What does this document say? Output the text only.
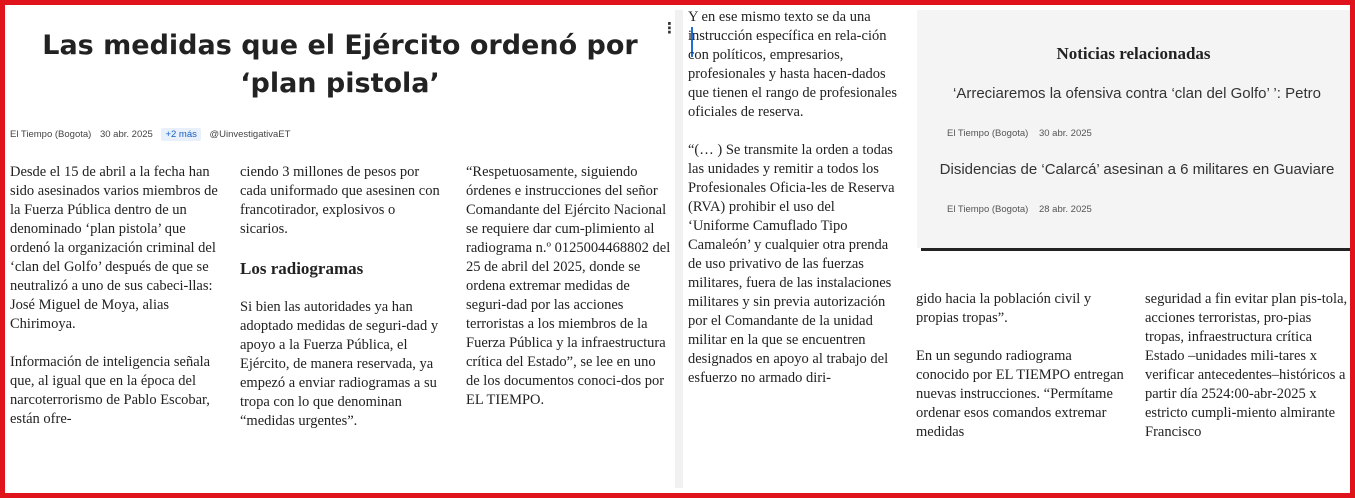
⋮
Las medidas que el Ejército ordenó por ‘plan pistola’
El Tiempo (Bogota) 30 abr. 2025 +2 más @UinvestigativaET

Desde el 15 de abril a la fecha han sido asesinados varios miembros de la Fuerza Pública dentro de un denominado ‘plan pistola’ que ordenó la organización criminal del ‘clan del Golfo’ después de que se neutralizó a uno de sus cabeci-llas: José Miguel de Moya, alias Chirimoya.

Información de inteligencia señala que, al igual que en la época del narcoterrorismo de Pablo Escobar, están ofre-

ciendo 3 millones de pesos por cada uniformado que asesinen con francotirador, explosivos o sicarios.

Los radiogramas

Si bien las autoridades ya han adoptado medidas de seguri-dad y apoyo a la Fuerza Pública, el Ejército, de manera reservada, ya empezó a enviar radiogramas a su tropa con lo que denominan “medidas urgentes”.

“Respetuosamente, siguiendo órdenes e instrucciones del señor Comandante del Ejército Nacional se requiere dar cum-plimiento al radiograma n.º 0125004468802 del 25 de abril del 2025, donde se ordena extremar medidas de seguri-dad por las acciones terroristas a los miembros de la Fuerza Pública y la infraestructura crítica del Estado”, se lee en uno de los documentos conoci-dos por EL TIEMPO.

Y en ese mismo texto se da una instrucción específica en rela-ción con políticos, empresarios, profesionales y hasta hacen-dados que tienen el rango de profesionales oficiales de reserva.

“(… ) Se transmite la orden a todas las unidades y remitir a todos los Profesionales Oficia-les de Reserva (RVA) prohibir el uso del ‘Uniforme Camuflado Tipo Camaleón’ y cualquier otra prenda de uso privativo de las fuerzas militares, fuera de las instalaciones militares y sin previa autorización por el Comandante de la unidad militar en la que se encuentren designados en apoyo al trabajo del esfuerzo no armado diri-

Noticias relacionadas

‘Arreciaremos la ofensiva contra ‘clan del Golfo’ ’: Petro

El Tiempo (Bogota) 30 abr. 2025

Disidencias de ‘Calarcá’ asesinan a 6 militares en Guaviare

El Tiempo (Bogota) 28 abr. 2025

gido hacia la población civil y propias tropas”.

En un segundo radiograma conocido por EL TIEMPO entregan nuevas instrucciones. “Permítame ordenar esos comandos extremar medidas

seguridad a fin evitar plan pis-tola, acciones terroristas, pro-pias tropas, infraestructura crítica Estado –unidades mili-tares x verificar antecedentes–históricos a partir día 2524:00-abr-2025 x estricto cumpli-miento almirante Francisco
